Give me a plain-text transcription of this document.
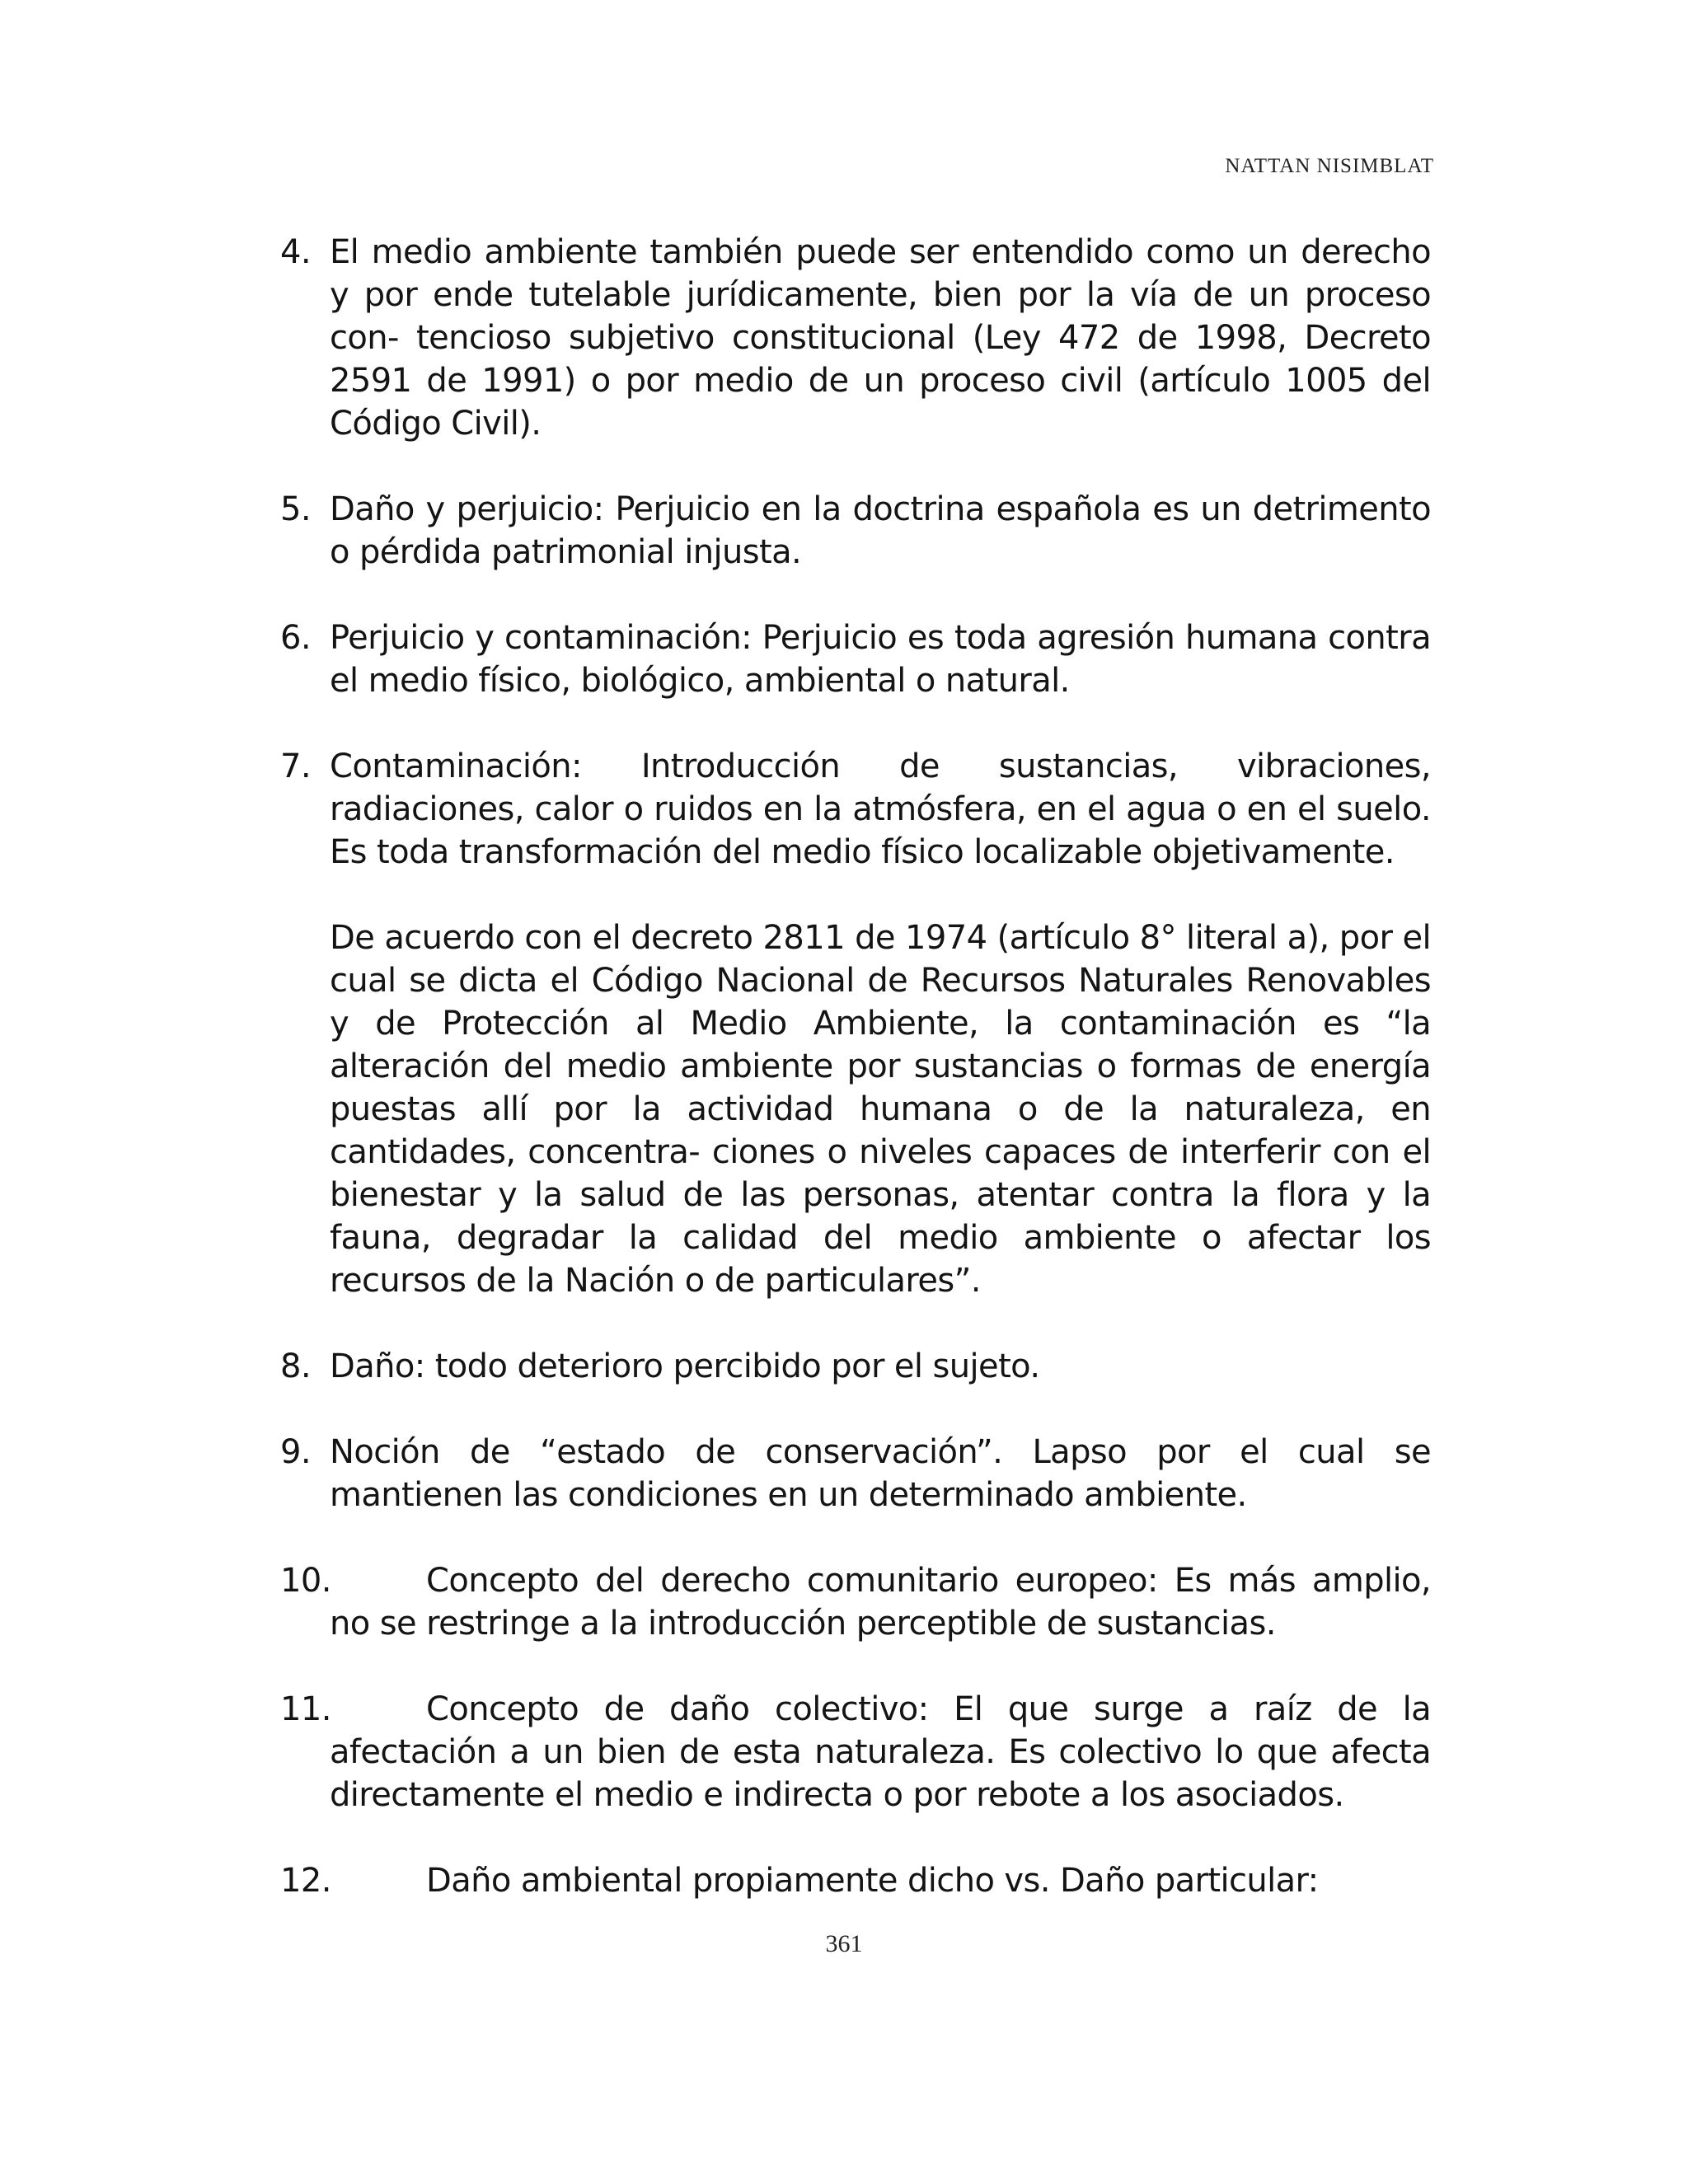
NATTAN NISIMBLAT

4. El medio ambiente también puede ser entendido como un derecho y por ende tutelable jurídicamente, bien por la vía de un proceso con- tencioso subjetivo constitucional (Ley 472 de 1998, Decreto 2591 de 1991) o por medio de un proceso civil (artículo 1005 del Código Civil).
5. Daño y perjuicio: Perjuicio en la doctrina española es un detrimento o pérdida patrimonial injusta.
6. Perjuicio y contaminación: Perjuicio es toda agresión humana contra el medio físico, biológico, ambiental o natural.
7. Contaminación: Introducción de sustancias, vibraciones, radiaciones, calor o ruidos en la atmósfera, en el agua o en el suelo. Es toda transformación del medio físico localizable objetivamente.

De acuerdo con el decreto 2811 de 1974 (artículo 8° literal a), por el cual se dicta el Código Nacional de Recursos Naturales Renovables y de Protección al Medio Ambiente, la contaminación es “la alteración del medio ambiente por sustancias o formas de energía puestas allí por la actividad humana o de la naturaleza, en cantidades, concentra- ciones o niveles capaces de interferir con el bienestar y la salud de las personas, atentar contra la flora y la fauna, degradar la calidad del medio ambiente o afectar los recursos de la Nación o de particulares”.

8. Daño: todo deterioro percibido por el sujeto.
9. Noción de “estado de conservación”. Lapso por el cual se mantienen las condiciones en un determinado ambiente.
10.	Concepto del derecho comunitario europeo: Es más amplio, no se restringe a la introducción perceptible de sustancias.
11.	Concepto de daño colectivo: El que surge a raíz de la afectación a un bien de esta naturaleza. Es colectivo lo que afecta directamente el medio e indirecta o por rebote a los asociados.
12.	Daño ambiental propiamente dicho vs. Daño particular:

361
